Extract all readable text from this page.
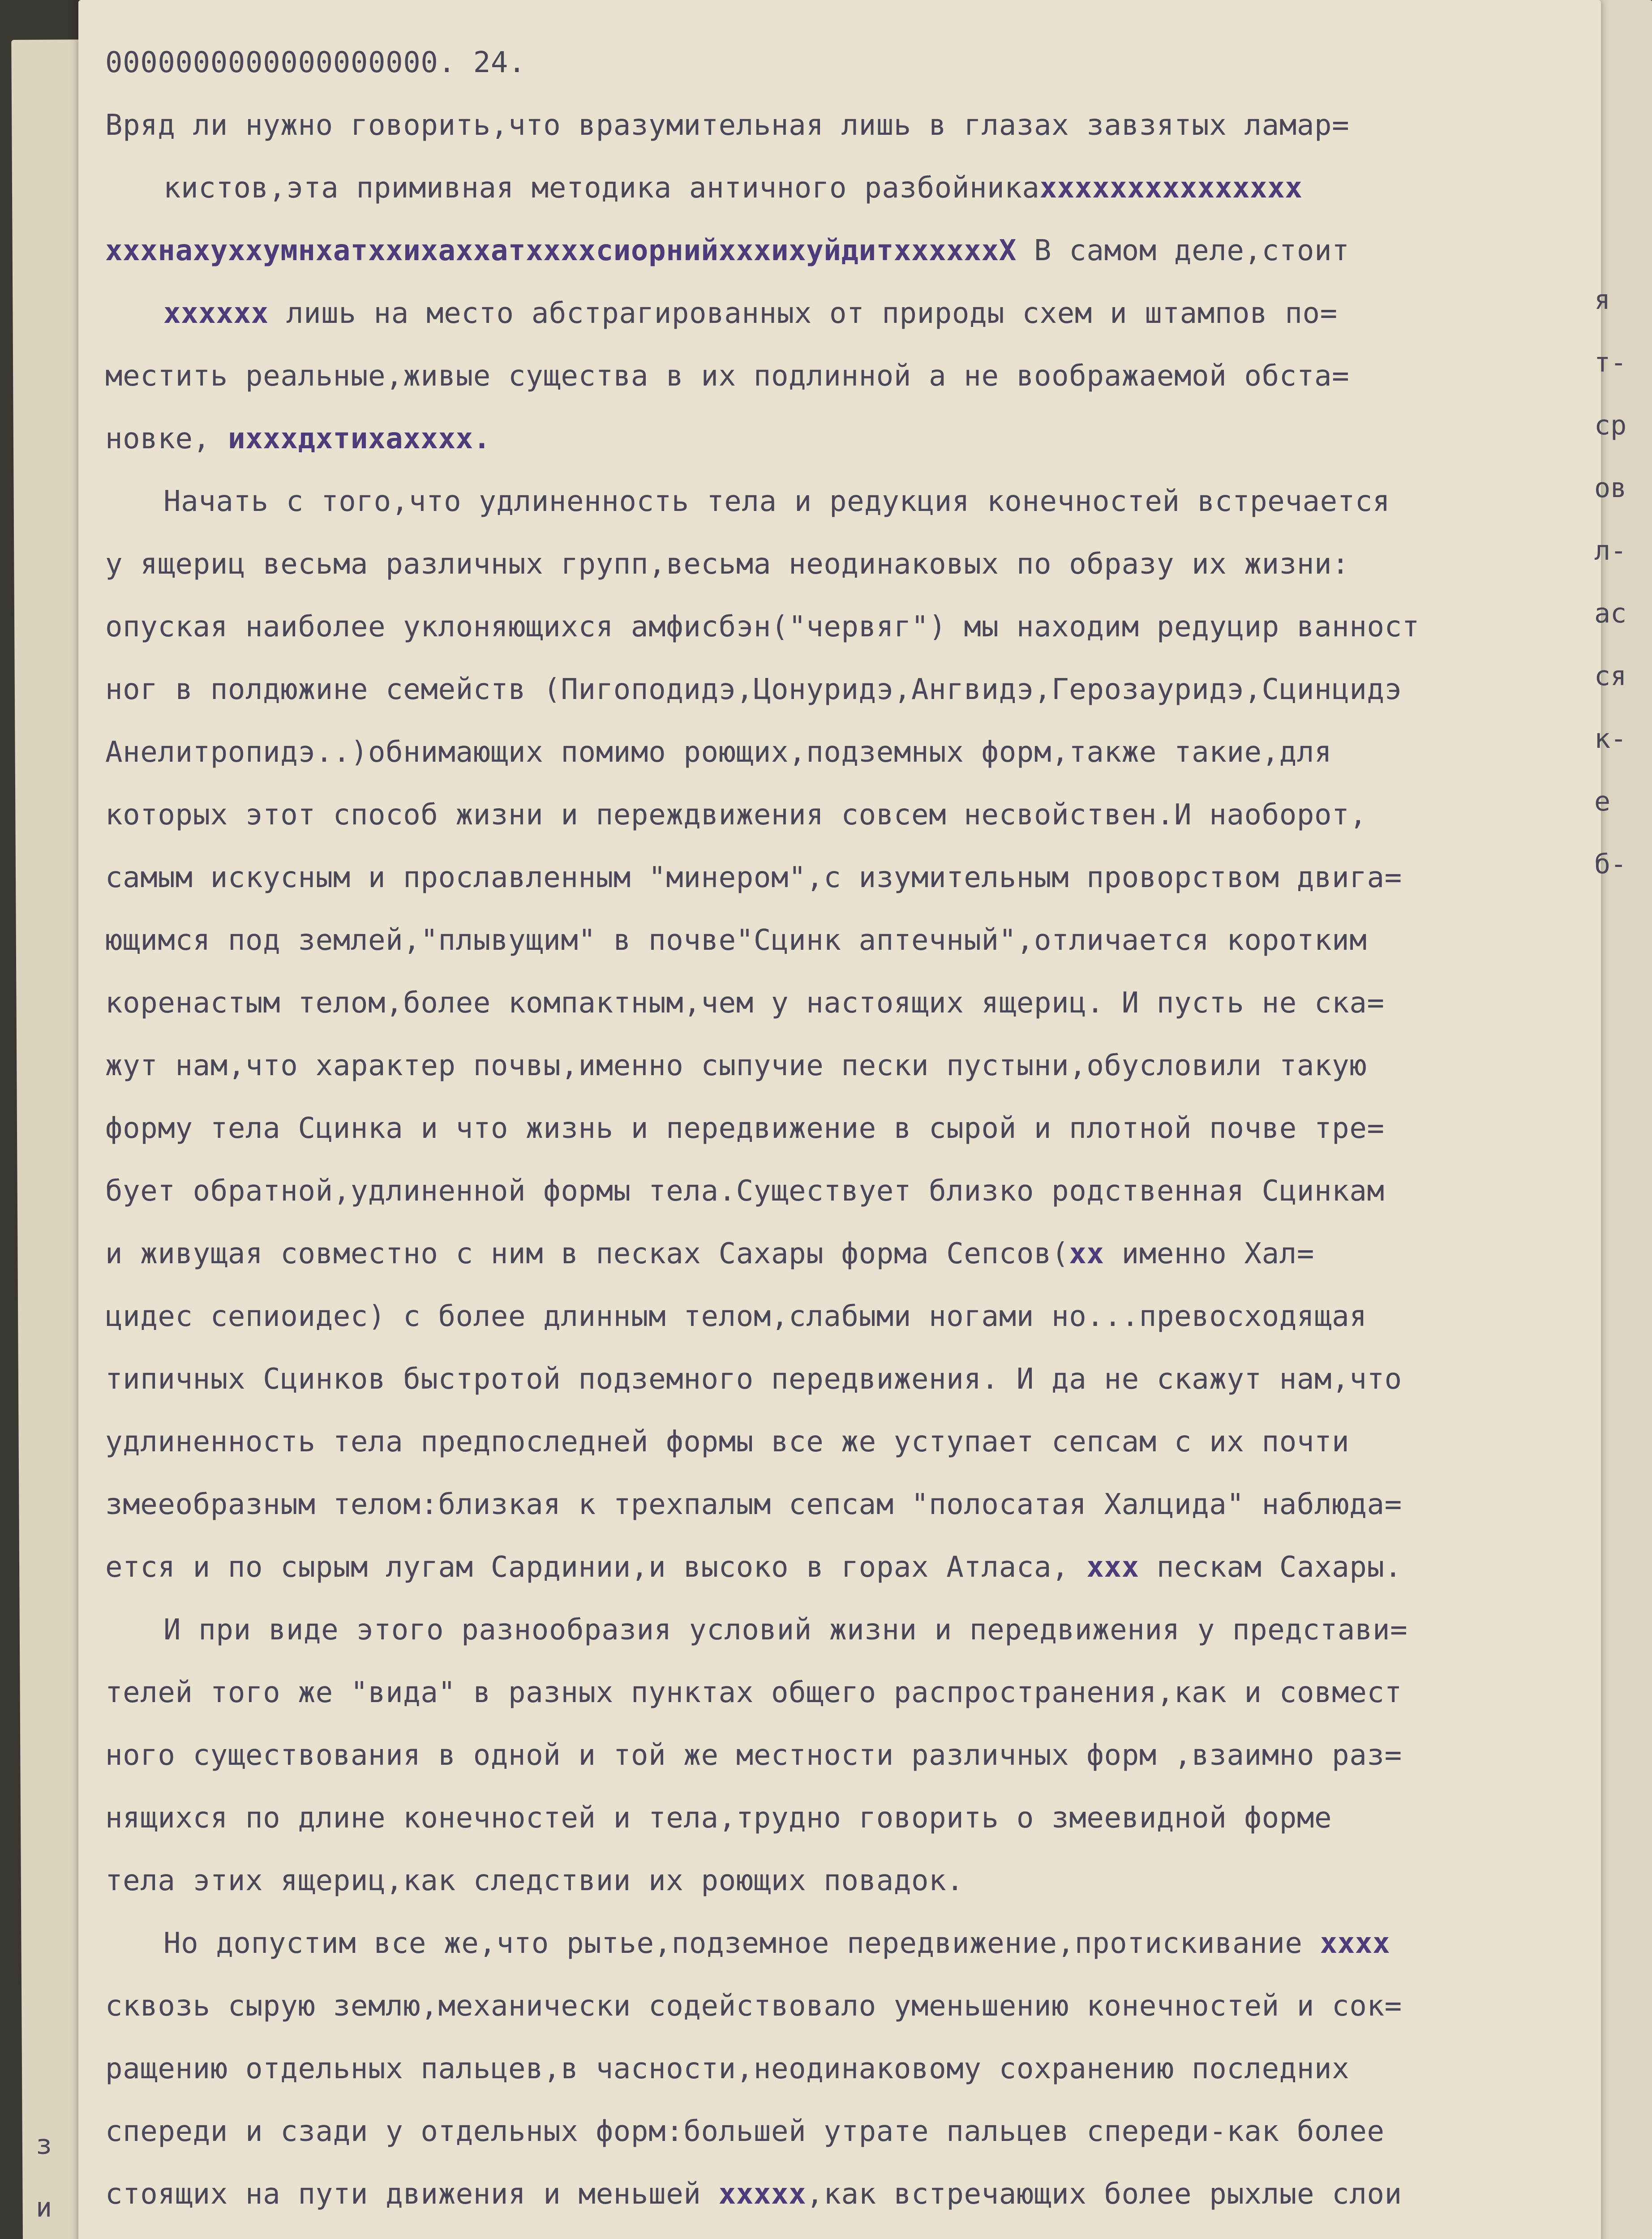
0000000000000000000. 24.
Вряд ли нужно говорить,что вразумительная лишь в глазах завзятых ламар=
кистов,эта примивная методика античного разбойникаxxxxxxxxxxxxxxx
xxxнахуххумнхатххихаххатххххсиорнийхххихуйдитххххххХ В самом деле,стоит
xxxxxx лишь на место абстрагированных от природы схем и штампов по=
местить реальные,живые существа в их подлинной а не воображаемой обста=
новке, ихххдхтихахххх.
Начать с того,что удлиненность тела и редукция конечностей встречается
у ящериц весьма различных групп,весьма неодинаковых по образу их жизни:
опуская наиболее уклоняющихся амфисбэн("червяг") мы находим редуцир ванност
ног в полдюжине семейств (Пигоподидэ,Цонуридэ,Ангвидэ,Герозауридэ,Сцинцидэ
Анелитропидэ..)обнимающих помимо роющих,подземных форм,также такие,для
которых этот способ жизни и переждвижения совсем несвойствен.И наоборот,
самым искусным и прославленным "минером",с изумительным проворством двига=
ющимся под землей,"плывущим" в почве"Сцинк аптечный",отличается коротким
коренастым телом,более компактным,чем у настоящих ящериц. И пусть не ска=
жут нам,что характер почвы,именно сыпучие пески пустыни,обусловили такую
форму тела Сцинка и что жизнь и передвижение в сырой и плотной почве тре=
бует обратной,удлиненной формы тела.Существует близко родственная Сцинкам
и живущая совместно с ним в песках Сахары форма Сепсов(xx именно Хал=
цидес сепиоидес) с более длинным телом,слабыми ногами но...превосходящая
типичных Сцинков быстротой подземного передвижения. И да не скажут нам,что
удлиненность тела предпоследней формы все же уступает сепсам с их почти
змееобразным телом:близкая к трехпалым сепсам "полосатая Халцида" наблюда=
ется и по сырым лугам Сардинии,и высоко в горах Атласа, xxx пескам Сахары.
И при виде этого разнообразия условий жизни и передвижения у представи=
телей того же "вида" в разных пунктах общего распространения,как и совмест
ного существования в одной и той же местности различных форм ,взаимно раз=
нящихся по длине конечностей и тела,трудно говорить о змеевидной форме
тела этих ящериц,как следствии их роющих повадок.
Но допустим все же,что рытье,подземное передвижение,протискивание xxxx
сквозь сырую землю,механически содействовало уменьшению конечностей и сок=
ращению отдельных пальцев,в часности,неодинаковому сохранению последних
спереди и сзади у отдельных форм:большей утрате пальцев спереди-как более
стоящих на пути движения и меньшей xxxxx,как встречающих более рыхлые слои
з
и
я
т-
ср
ов
л-
ас
ся
к-
е
б-
